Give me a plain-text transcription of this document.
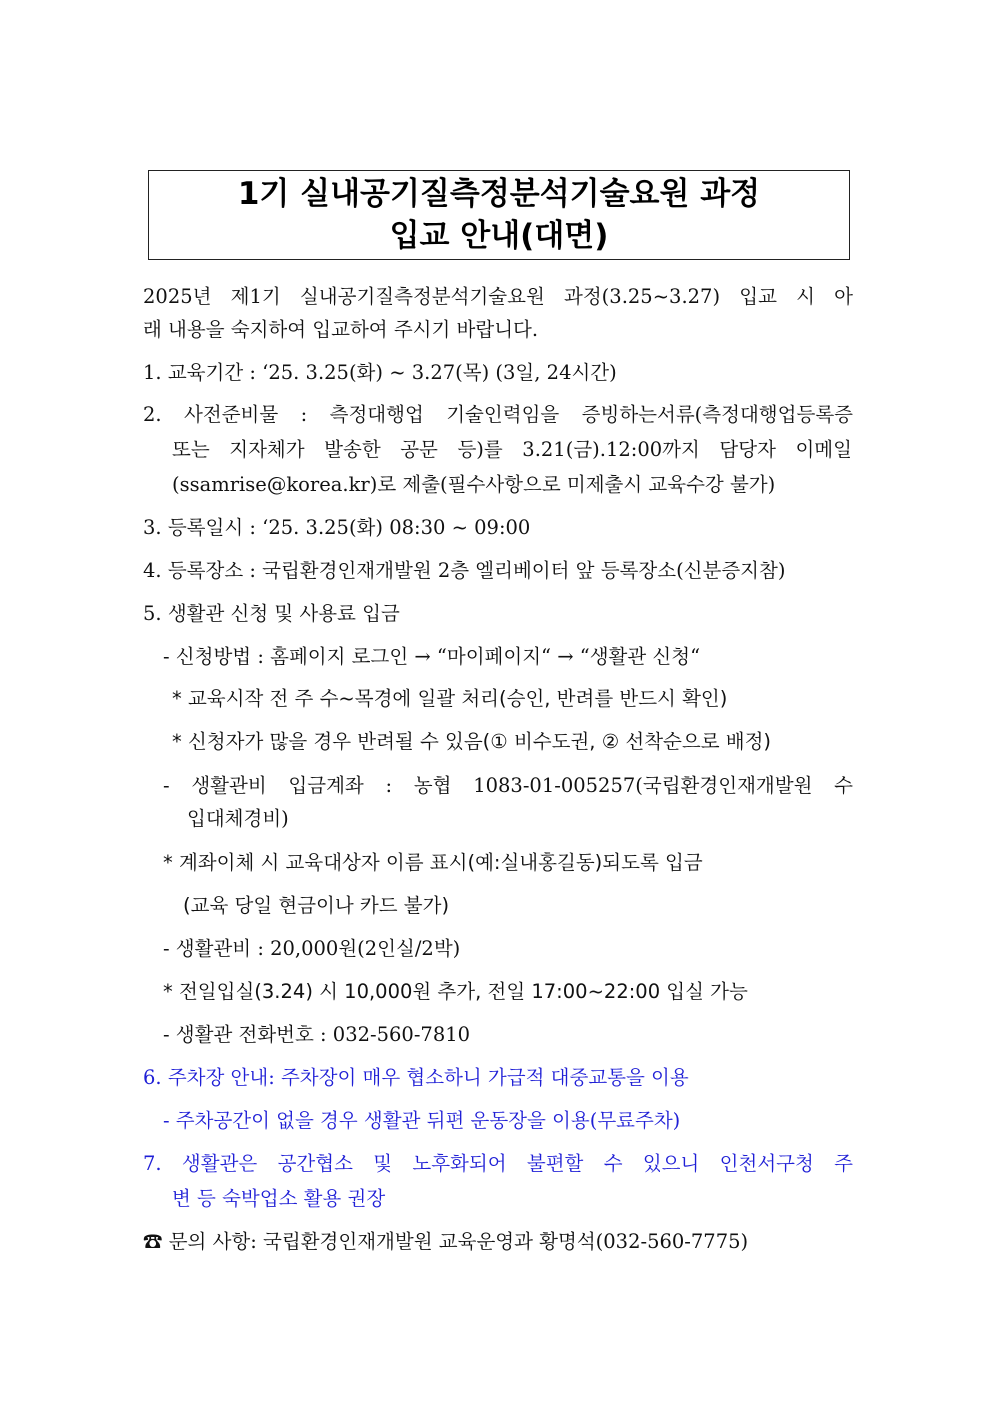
1기 실내공기질측정분석기술요원 과정
입교 안내(대면)
2025년 제1기 실내공기질측정분석기술요원 과정(3.25~3.27) 입교 시 아
래 내용을 숙지하여 입교하여 주시기 바랍니다.
1. 교육기간 : ‘25. 3.25(화) ~ 3.27(목) (3일, 24시간)
2. 사전준비물 : 측정대행업 기술인력임을 증빙하는서류(측정대행업등록증
또는 지자체가 발송한 공문 등)를 3.21(금).12:00까지 담당자 이메일
(ssamrise@korea.kr)로 제출(필수사항으로 미제출시 교육수강 불가)
3. 등록일시 : ‘25. 3.25(화) 08:30 ~ 09:00
4. 등록장소 : 국립환경인재개발원 2층 엘리베이터 앞 등록장소(신분증지참)
5. 생활관 신청 및 사용료 입금
- 신청방법 : 홈페이지 로그인 → “마이페이지“ → “생활관 신청“
* 교육시작 전 주 수~목경에 일괄 처리(승인, 반려를 반드시 확인)
* 신청자가 많을 경우 반려될 수 있음(① 비수도권, ② 선착순으로 배정)
- 생활관비 입금계좌 : 농협 1083-01-005257(국립환경인재개발원 수
입대체경비)
* 계좌이체 시 교육대상자 이름 표시(예:실내홍길동)되도록 입금
(교육 당일 현금이나 카드 불가)
- 생활관비 : 20,000원(2인실/2박)
* 전일입실(3.24) 시 10,000원 추가, 전일 17:00~22:00 입실 가능
- 생활관 전화번호 : 032-560-7810
6. 주차장 안내: 주차장이 매우 협소하니 가급적 대중교통을 이용
- 주차공간이 없을 경우 생활관 뒤편 운동장을 이용(무료주차)
7. 생활관은 공간협소 및 노후화되어 불편할 수 있으니 인천서구청 주
변 등 숙박업소 활용 권장
☎ 문의 사항: 국립환경인재개발원 교육운영과 황명석(032-560-7775)
